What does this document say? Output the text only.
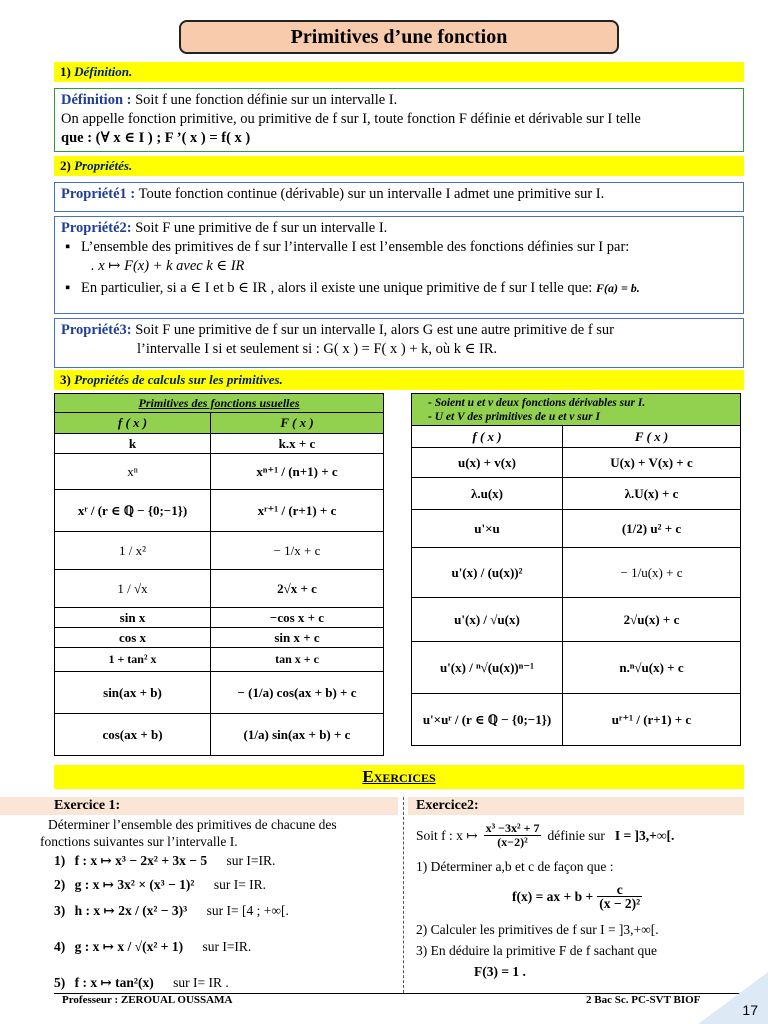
Primitives d’une fonction
1) Définition.
Définition : Soit f une fonction définie sur un intervalle I.
On appelle fonction primitive, ou primitive de f sur I, toute fonction F définie et dérivable sur I telle
que : (∀ x ∈ I ) ; F ’( x ) = f( x )
2) Propriétés.
Propriété1 : Toute fonction continue (dérivable) sur un intervalle I admet une primitive sur I.
Propriété2: Soit F une primitive de f sur un intervalle I.
▪ L’ensemble des primitives de f sur l’intervalle I est l’ensemble des fonctions définies sur I par:
. x ↦ F(x) + k avec k ∈ IR
▪ En particulier, si a ∈ I et b ∈ IR , alors il existe une unique primitive de f sur I telle que: F(a) = b.
Propriété3: Soit F une primitive de f sur un intervalle I, alors G est une autre primitive de f sur
l’intervalle I si et seulement si : G( x ) = F( x ) + k, où k ∈ IR.
3) Propriétés de calculs sur les primitives.
Primitives des fonctions usuelles	
f ( x )	F ( x )
k	k.x + c
xⁿ	xⁿ⁺¹ / (n+1) + c
xʳ / (r ∈ ℚ − {0;−1})	xʳ⁺¹ / (r+1) + c
1 / x²	− 1/x + c
1 / √x	2√x + c
sin x	−cos x + c
cos x	sin x + c
1 + tan² x	tan x + c
sin(ax + b)	− (1/a) cos(ax + b) + c
cos(ax + b)	(1/a) sin(ax + b) + c
- Soient u et v deux fonctions dérivables sur I.
- U et V des primitives de u et v sur I	

f ( x )	F ( x )
u(x) + v(x)	U(x) + V(x) + c
λ.u(x)	λ.U(x) + c
u'×u	(1/2) u² + c
u'(x) / (u(x))²	− 1/u(x) + c
u'(x) / √u(x)	2√u(x) + c
u'(x) / ⁿ√(u(x))ⁿ⁻¹	n.ⁿ√u(x) + c
u'×uʳ / (r ∈ ℚ − {0;−1})	uʳ⁺¹ / (r+1) + c
Exercices
Exercice 1:	Exercice2:
Déterminer l’ensemble des primitives de chacune des fonctions suivantes sur l’intervalle I.
1) f : x ↦ x³ − 2x² + 3x − 5 sur I=IR.
2) g : x ↦ 3x² × (x³ − 1)² sur I= IR.
3) h : x ↦ 2x / (x² − 3)³ sur I= [4 ; +∞[.
4) g : x ↦ x / √(x² + 1) sur I=IR.
5) f : x ↦ tan²(x) sur I= IR .
Soit f : x ↦ $\frac{\text{x³ −3x² + 7}}{\text{(x−2)²}}$ définie sur I = ]3,+∞[.
1) Déterminer a,b et c de façon que :
f(x) = ax + $b + \frac{c}{\text{(x − 2)²}}$
2) Calculer les primitives de f sur I = ]3,+∞[.
3) En déduire la primitive F de f sachant que
F(3) = 1 .
Professeur : ZEROUAL OUSSAMA	2 Bac Sc. PC-SVT BIOF
17
